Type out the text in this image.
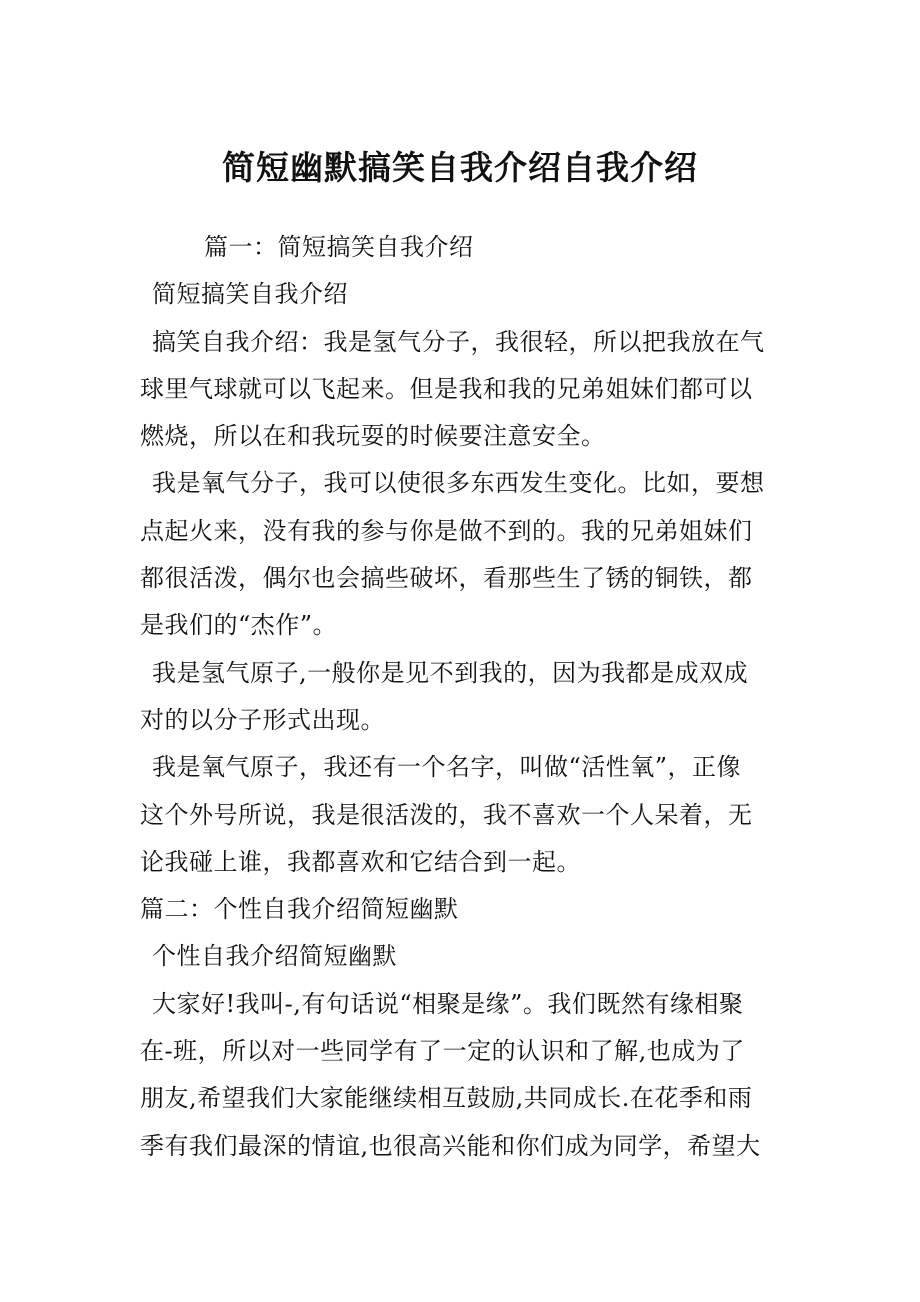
简短幽默搞笑自我介绍自我介绍

篇一：简短搞笑自我介绍

简短搞笑自我介绍

搞笑自我介绍：我是氢气分子，我很轻，所以把我放在气

球里气球就可以飞起来。但是我和我的兄弟姐妹们都可以

燃烧，所以在和我玩耍的时候要注意安全。

我是氧气分子，我可以使很多东西发生变化。比如，要想

点起火来，没有我的参与你是做不到的。我的兄弟姐妹们

都很活泼，偶尔也会搞些破坏，看那些生了锈的铜铁，都

是我们的“杰作”。

我是氢气原子,一般你是见不到我的，因为我都是成双成

对的以分子形式出现。

我是氧气原子，我还有一个名字，叫做“活性氧”，正像

这个外号所说，我是很活泼的，我不喜欢一个人呆着，无

论我碰上谁，我都喜欢和它结合到一起。

篇二：个性自我介绍简短幽默

个性自我介绍简短幽默

大家好!我叫-,有句话说“相聚是缘”。我们既然有缘相聚

在-班，所以对一些同学有了一定的认识和了解,也成为了

朋友,希望我们大家能继续相互鼓励,共同成长.在花季和雨

季有我们最深的情谊,也很高兴能和你们成为同学，希望大
